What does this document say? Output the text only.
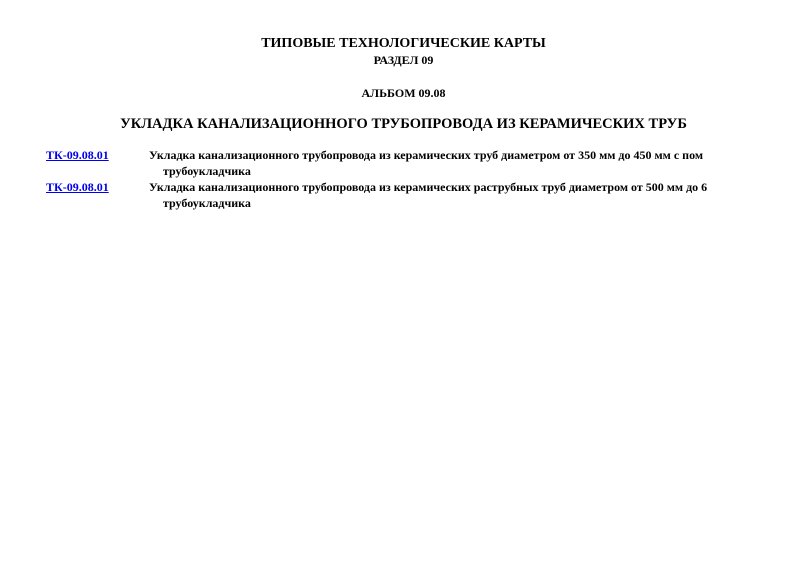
ТИПОВЫЕ ТЕХНОЛОГИЧЕСКИЕ КАРТЫ
РАЗДЕЛ 09
АЛЬБОМ 09.08
УКЛАДКА КАНАЛИЗАЦИОННОГО ТРУБОПРОВОДА ИЗ КЕРАМИЧЕСКИХ ТРУБ
ТК-09.08.01	Укладка канализационного трубопровода из керамических труб диаметром от 350 мм до 450 мм с пом
трубоукладчика
ТК-09.08.01	Укладка канализационного трубопровода из керамических раструбных труб диаметром от 500 мм до 6
трубоукладчика
